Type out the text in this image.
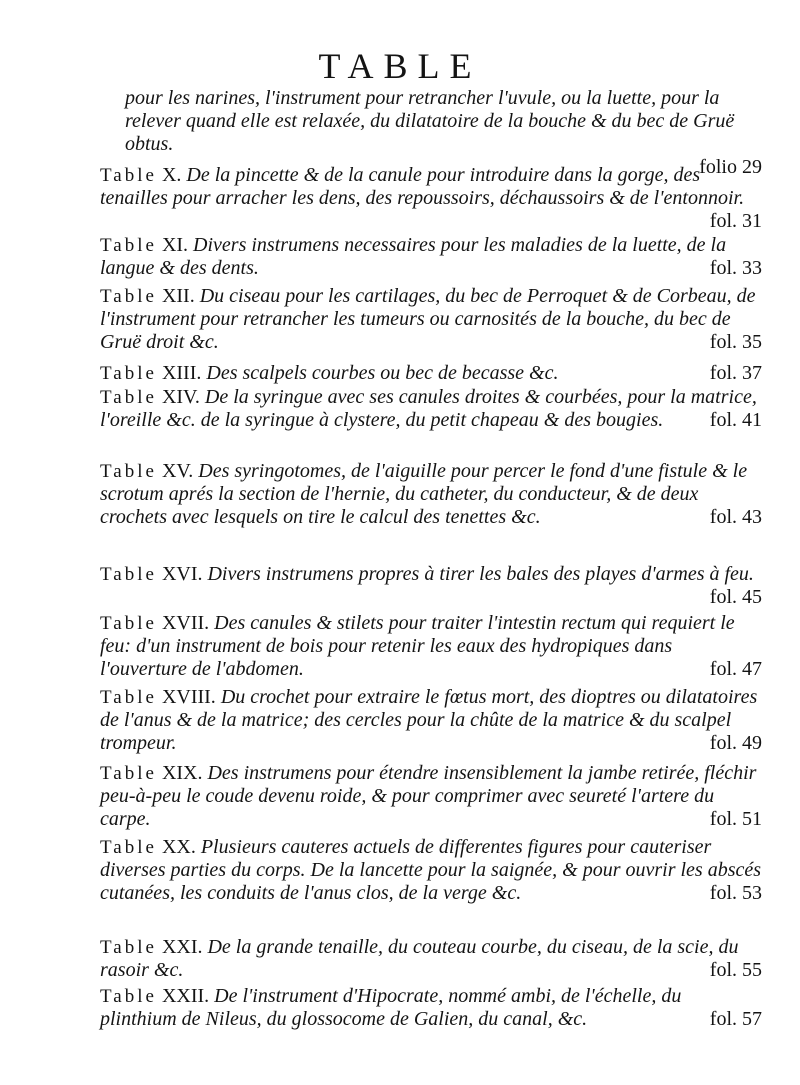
TABLE
pour les narines, l'instrument pour retrancher l'uvule, ou la luette, pour la relever quand elle est relaxée, du dilatatoire de la bouche & du bec de Gruë obtus.
folio 29
Table X. De la pincette & de la canule pour introduire dans la gorge, des tenailles pour arracher les dens, des repoussoirs, déchaussoirs & de l'entonnoir.
fol. 31
Table XI. Divers instrumens necessaires pour les maladies de la luette, de la langue & des dents.	fol. 33
Table XII. Du ciseau pour les cartilages, du bec de Perroquet & de Corbeau, de l'instrument pour retrancher les tumeurs ou carnosités de la bouche, du bec de Gruë droit &c.	fol. 35
Table XIII. Des scalpels courbes ou bec de becasse &c.	fol. 37
Table XIV. De la syringue avec ses canules droites & courbées, pour la matrice, l'oreille &c. de la syringue à clystere, du petit chapeau & des bougies. fol. 41
Table XV. Des syringotomes, de l'aiguille pour percer le fond d'une fistule & le scrotum aprés la section de l'hernie, du catheter, du conducteur, & de deux crochets avec lesquels on tire le calcul des tenettes &c.	fol. 43
Table XVI. Divers instrumens propres à tirer les bales des playes d'armes à feu.
fol. 45
Table XVII. Des canules & stilets pour traiter l'intestin rectum qui requiert le feu: d'un instrument de bois pour retenir les eaux des hydropiques dans l'ouverture de l'abdomen.	fol. 47
Table XVIII. Du crochet pour extraire le fœtus mort, des dioptres ou dilatatoires de l'anus & de la matrice; des cercles pour la chûte de la matrice & du scalpel trompeur.	fol. 49
Table XIX. Des instrumens pour étendre insensiblement la jambe retirée, fléchir peu-à-peu le coude devenu roide, & pour comprimer avec seureté l'artere du carpe.	fol. 51
Table XX. Plusieurs cauteres actuels de differentes figures pour cauteriser diverses parties du corps. De la lancette pour la saignée, & pour ouvrir les abscés cutanées, les conduits de l'anus clos, de la verge &c.	fol. 53
Table XXI. De la grande tenaille, du couteau courbe, du ciseau, de la scie, du rasoir &c.	fol. 55
Table XXII. De l'instrument d'Hipocrate, nommé ambi, de l'échelle, du plinthium de Nileus, du glossocome de Galien, du canal, &c.	fol. 57
